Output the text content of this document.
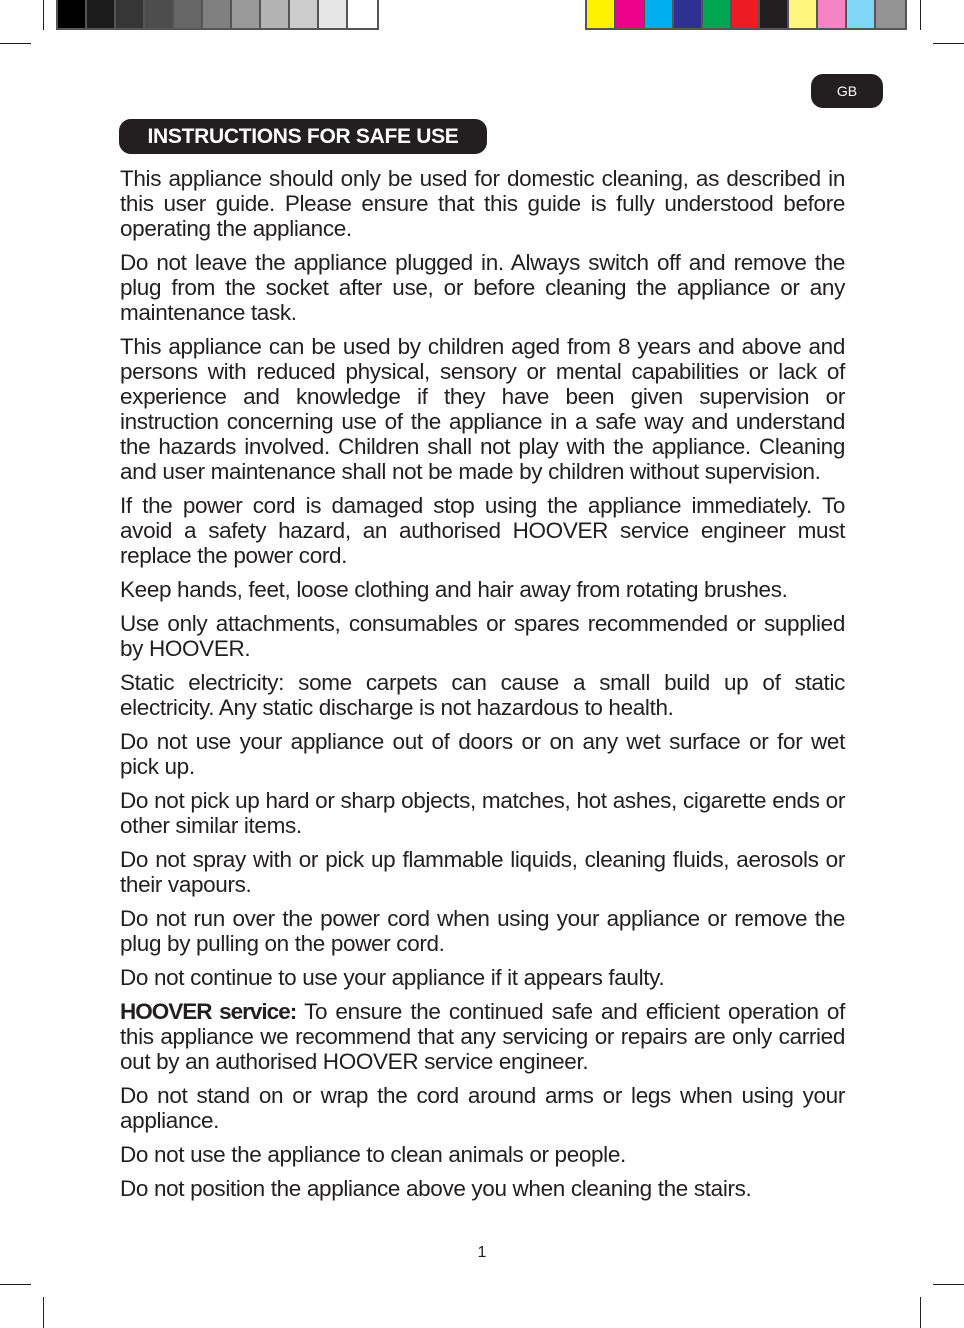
GB
INSTRUCTIONS FOR SAFE USE

This appliance should only be used for domestic cleaning, as described in this user guide. Please ensure that this guide is fully understood before operating the appliance.

Do not leave the appliance plugged in. Always switch off and remove the plug from the socket after use, or before cleaning the appliance or any maintenance task.

This appliance can be used by children aged from 8 years and above and persons with reduced physical, sensory or mental capabilities or lack of experience and knowledge if they have been given supervision or instruction concerning use of the appliance in a safe way and understand the hazards involved. Children shall not play with the appliance. Cleaning and user maintenance shall not be made by children without supervision.

If the power cord is damaged stop using the appliance immediately. To avoid a safety hazard, an authorised HOOVER service engineer must replace the power cord.

Keep hands, feet, loose clothing and hair away from rotating brushes.

Use only attachments, consumables or spares recommended or supplied by HOOVER.

Static electricity: some carpets can cause a small build up of static electricity. Any static discharge is not hazardous to health.

Do not use your appliance out of doors or on any wet surface or for wet pick up.

Do not pick up hard or sharp objects, matches, hot ashes, cigarette ends or other similar items.

Do not spray with or pick up flammable liquids, cleaning fluids, aerosols or their vapours.

Do not run over the power cord when using your appliance or remove the plug by pulling on the power cord.

Do not continue to use your appliance if it appears faulty.

HOOVER service: To ensure the continued safe and efficient operation of this appliance we recommend that any servicing or repairs are only carried out by an authorised HOOVER service engineer.

Do not stand on or wrap the cord around arms or legs when using your appliance.

Do not use the appliance to clean animals or people.

Do not position the appliance above you when cleaning the stairs.

1
